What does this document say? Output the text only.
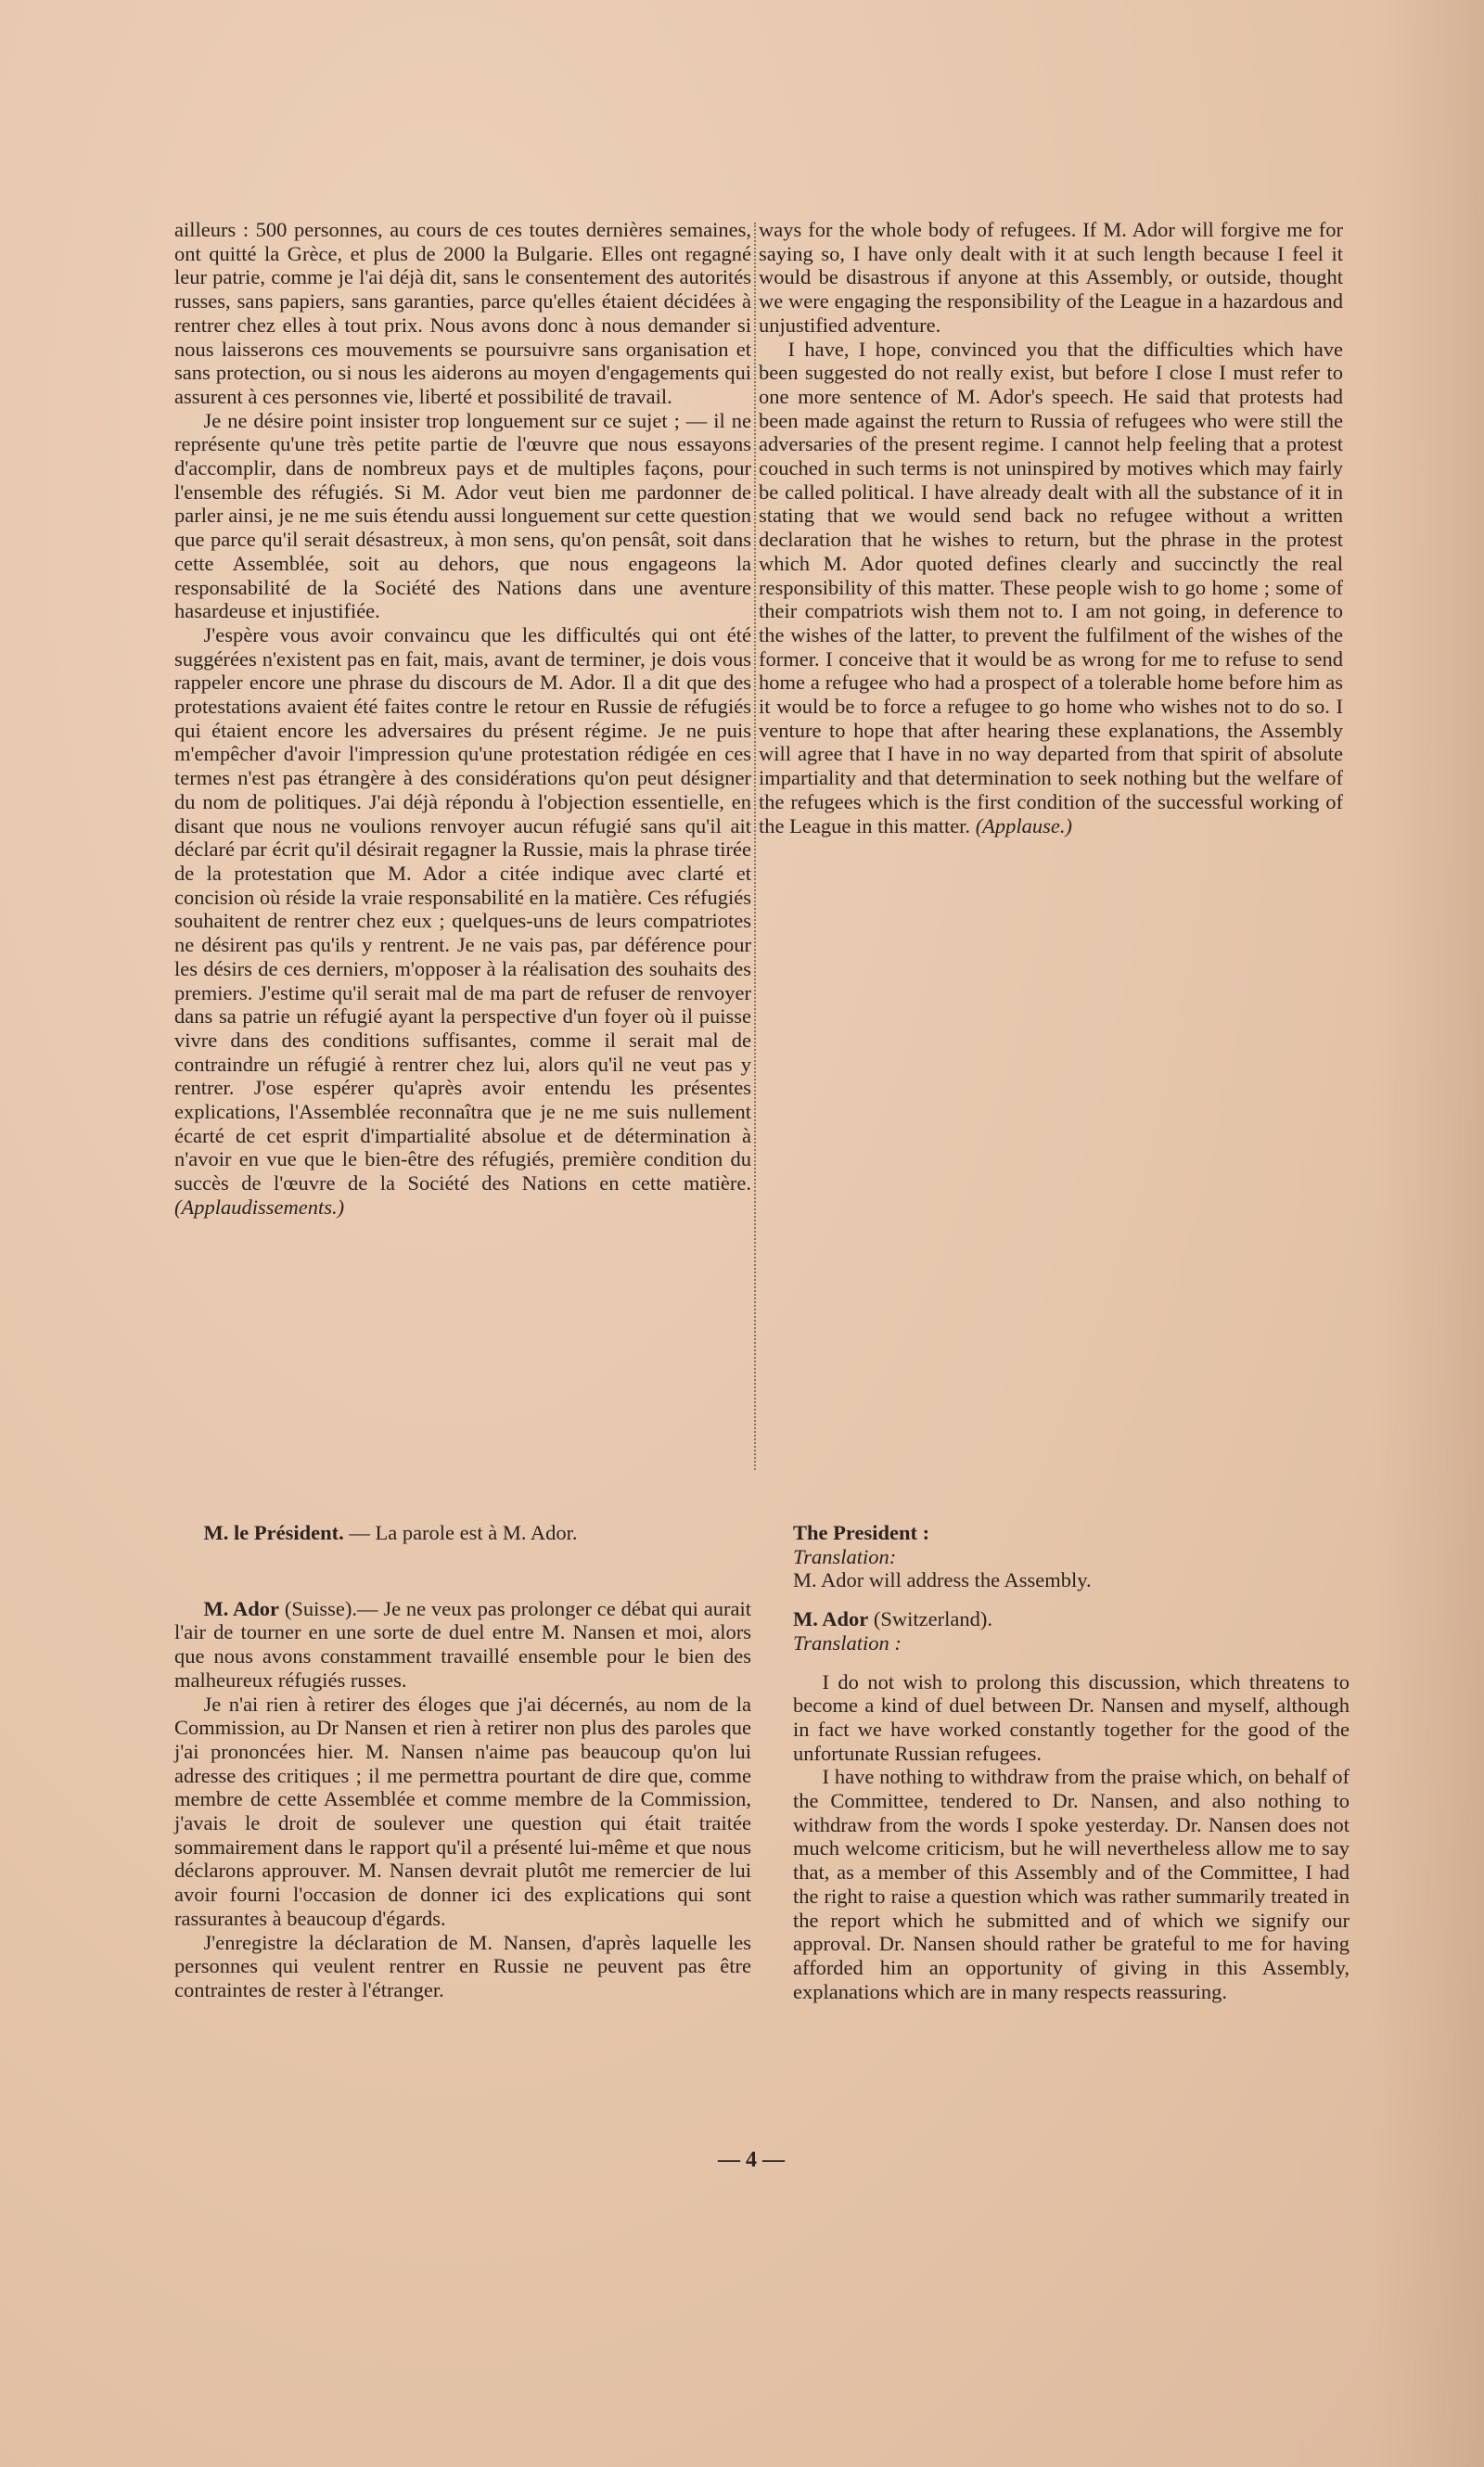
ailleurs : 500 personnes, au cours de ces toutes dernières semaines, ont quitté la Grèce, et plus de 2000 la Bulgarie. Elles ont regagné leur patrie, comme je l'ai déjà dit, sans le consentement des autorités russes, sans papiers, sans garanties, parce qu'elles étaient décidées à rentrer chez elles à tout prix. Nous avons donc à nous demander si nous laisserons ces mouvements se poursuivre sans organisation et sans protection, ou si nous les aiderons au moyen d'engagements qui assurent à ces personnes vie, liberté et possibilité de travail.

Je ne désire point insister trop longuement sur ce sujet ; — il ne représente qu'une très petite partie de l'œuvre que nous essayons d'accomplir, dans de nombreux pays et de multiples façons, pour l'ensemble des réfugiés. Si M. Ador veut bien me pardonner de parler ainsi, je ne me suis étendu aussi longuement sur cette question que parce qu'il serait désastreux, à mon sens, qu'on pensât, soit dans cette Assemblée, soit au dehors, que nous engageons la responsabilité de la Société des Nations dans une aventure hasardeuse et injustifiée.

J'espère vous avoir convaincu que les difficultés qui ont été suggérées n'existent pas en fait, mais, avant de terminer, je dois vous rappeler encore une phrase du discours de M. Ador. Il a dit que des protestations avaient été faites contre le retour en Russie de réfugiés qui étaient encore les adversaires du présent régime. Je ne puis m'empêcher d'avoir l'impression qu'une protestation rédigée en ces termes n'est pas étrangère à des considérations qu'on peut désigner du nom de politiques. J'ai déjà répondu à l'objection essentielle, en disant que nous ne voulions renvoyer aucun réfugié sans qu'il ait déclaré par écrit qu'il désirait regagner la Russie, mais la phrase tirée de la protestation que M. Ador a citée indique avec clarté et concision où réside la vraie responsabilité en la matière. Ces réfugiés souhaitent de rentrer chez eux ; quelques-uns de leurs compatriotes ne désirent pas qu'ils y rentrent. Je ne vais pas, par déférence pour les désirs de ces derniers, m'opposer à la réalisation des souhaits des premiers. J'estime qu'il serait mal de ma part de refuser de renvoyer dans sa patrie un réfugié ayant la perspective d'un foyer où il puisse vivre dans des conditions suffisantes, comme il serait mal de contraindre un réfugié à rentrer chez lui, alors qu'il ne veut pas y rentrer. J'ose espérer qu'après avoir entendu les présentes explications, l'Assemblée reconnaîtra que je ne me suis nullement écarté de cet esprit d'impartialité absolue et de détermination à n'avoir en vue que le bien-être des réfugiés, première condition du succès de l'œuvre de la Société des Nations en cette matière. (Applaudissements.)

ways for the whole body of refugees. If M. Ador will forgive me for saying so, I have only dealt with it at such length because I feel it would be disastrous if anyone at this Assembly, or outside, thought we were engaging the responsibility of the League in a hazardous and unjustified adventure.

I have, I hope, convinced you that the difficulties which have been suggested do not really exist, but before I close I must refer to one more sentence of M. Ador's speech. He said that protests had been made against the return to Russia of refugees who were still the adversaries of the present regime. I cannot help feeling that a protest couched in such terms is not uninspired by motives which may fairly be called political. I have already dealt with all the substance of it in stating that we would send back no refugee without a written declaration that he wishes to return, but the phrase in the protest which M. Ador quoted defines clearly and succinctly the real responsibility of this matter. These people wish to go home ; some of their compatriots wish them not to. I am not going, in deference to the wishes of the latter, to prevent the fulfilment of the wishes of the former. I conceive that it would be as wrong for me to refuse to send home a refugee who had a prospect of a tolerable home before him as it would be to force a refugee to go home who wishes not to do so. I venture to hope that after hearing these explanations, the Assembly will agree that I have in no way departed from that spirit of absolute impartiality and that determination to seek nothing but the welfare of the refugees which is the first condition of the successful working of the League in this matter. (Applause.)

M. le Président. — La parole est à M. Ador.

M. Ador (Suisse).— Je ne veux pas prolonger ce débat qui aurait l'air de tourner en une sorte de duel entre M. Nansen et moi, alors que nous avons constamment travaillé ensemble pour le bien des malheureux réfugiés russes.

Je n'ai rien à retirer des éloges que j'ai décernés, au nom de la Commission, au Dr Nansen et rien à retirer non plus des paroles que j'ai prononcées hier. M. Nansen n'aime pas beaucoup qu'on lui adresse des critiques ; il me permettra pourtant de dire que, comme membre de cette Assemblée et comme membre de la Commission, j'avais le droit de soulever une question qui était traitée sommairement dans le rapport qu'il a présenté lui-même et que nous déclarons approuver. M. Nansen devrait plutôt me remercier de lui avoir fourni l'occasion de donner ici des explications qui sont rassurantes à beaucoup d'égards.

J'enregistre la déclaration de M. Nansen, d'après laquelle les personnes qui veulent rentrer en Russie ne peuvent pas être contraintes de rester à l'étranger.

The President :

Translation:

M. Ador will address the Assembly.

M. Ador (Switzerland).

Translation :

I do not wish to prolong this discussion, which threatens to become a kind of duel between Dr. Nansen and myself, although in fact we have worked constantly together for the good of the unfortunate Russian refugees.

I have nothing to withdraw from the praise which, on behalf of the Committee, tendered to Dr. Nansen, and also nothing to withdraw from the words I spoke yesterday. Dr. Nansen does not much welcome criticism, but he will nevertheless allow me to say that, as a member of this Assembly and of the Committee, I had the right to raise a question which was rather summarily treated in the report which he submitted and of which we signify our approval. Dr. Nansen should rather be grateful to me for having afforded him an opportunity of giving in this Assembly, explanations which are in many respects reassuring.

— 4 —
